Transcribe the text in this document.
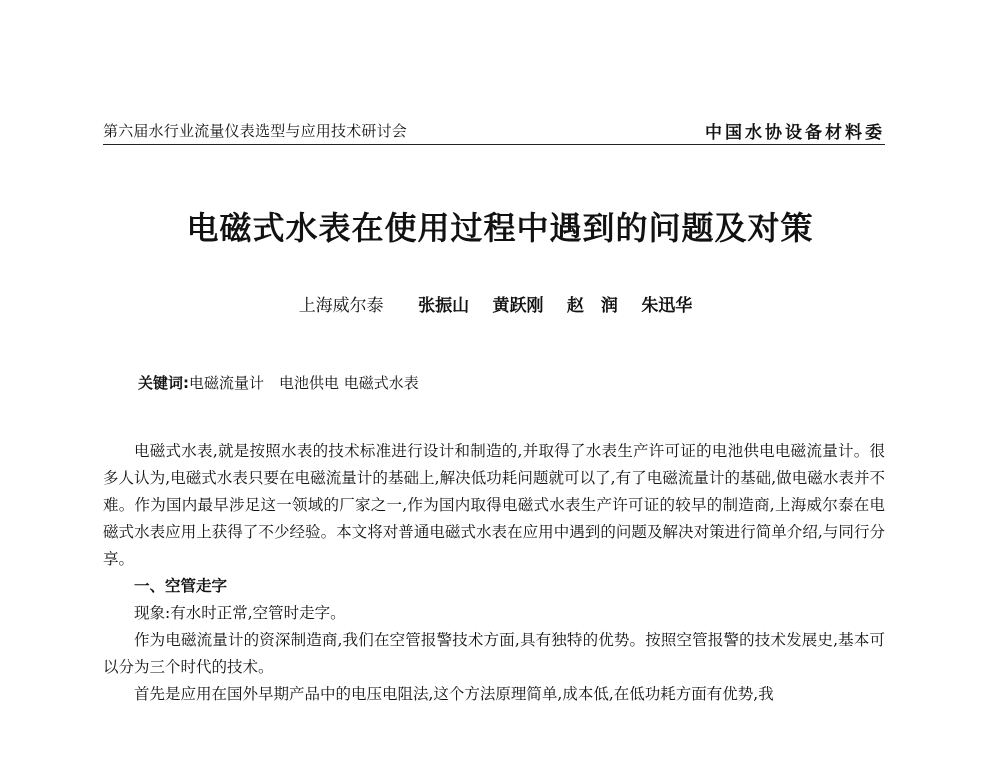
第六届水行业流量仪表选型与应用技术研讨会	中国水协设备材料委
电磁式水表在使用过程中遇到的问题及对策
上海威尔泰 张振山 黄跃刚 赵　润 朱迅华
关键词:电磁流量计　电池供电 电磁式水表

电磁式水表,就是按照水表的技术标准进行设计和制造的,并取得了水表生产许可证的电池供电电磁流量计。很多人认为,电磁式水表只要在电磁流量计的基础上,解决低功耗问题就可以了,有了电磁流量计的基础,做电磁水表并不难。作为国内最早涉足这一领域的厂家之一,作为国内取得电磁式水表生产许可证的较早的制造商,上海威尔泰在电磁式水表应用上获得了不少经验。本文将对普通电磁式水表在应用中遇到的问题及解决对策进行简单介绍,与同行分享。

一、空管走字

现象:有水时正常,空管时走字。

作为电磁流量计的资深制造商,我们在空管报警技术方面,具有独特的优势。按照空管报警的技术发展史,基本可以分为三个时代的技术。

首先是应用在国外早期产品中的电压电阻法,这个方法原理简单,成本低,在低功耗方面有优势,我
